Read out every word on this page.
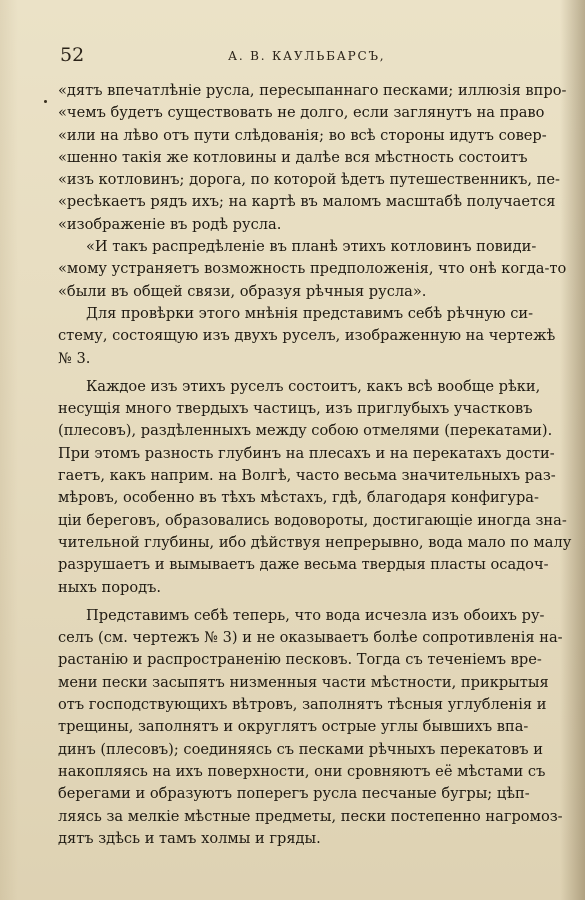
52	А. В. КАУЛЬБАРСЪ,
«дятъ впечатлѣніе русла, пересыпаннаго песками; иллюзія впро-
«чемъ будетъ существовать не долго, если заглянутъ на право
«или на лѣво отъ пути слѣдованія; во всѣ стороны идутъ совер-
«шенно такія же котловины и далѣе вся мѣстность состоитъ
«изъ котловинъ; дорога, по которой ѣдетъ путешественникъ, пе-
«ресѣкаетъ рядъ ихъ; на картѣ въ маломъ масштабѣ получается
«изображеніе въ родѣ русла.
«И такъ распредѣленіе въ планѣ этихъ котловинъ повиди-
«мому устраняетъ возможность предположенія, что онѣ когда-то
«были въ общей связи, образуя рѣчныя русла».
Для провѣрки этого мнѣнія представимъ себѣ рѣчную си-
стему, состоящую изъ двухъ руселъ, изображенную на чертежѣ
№ 3.
Каждое изъ этихъ руселъ состоитъ, какъ всѣ вообще рѣки,
несущія много твердыхъ частицъ, изъ приглубыхъ участковъ
(плесовъ), раздѣленныхъ между собою отмелями (перекатами).
При этомъ разность глубинъ на плесахъ и на перекатахъ дости-
гаетъ, какъ наприм. на Волгѣ, часто весьма значительныхъ раз-
мѣровъ, особенно въ тѣхъ мѣстахъ, гдѣ, благодаря конфигура-
ціи береговъ, образовались водовороты, достигающіе иногда зна-
чительной глубины, ибо дѣйствуя непрерывно, вода мало по малу
разрушаетъ и вымываетъ даже весьма твердыя пласты осадоч-
ныхъ породъ.
Представимъ себѣ теперь, что вода исчезла изъ обоихъ ру-
селъ (см. чертежъ № 3) и не оказываетъ болѣе сопротивленія на-
растанію и распространенію песковъ. Тогда съ теченіемъ вре-
мени пески засыпятъ низменныя части мѣстности, прикрытыя
отъ господствующихъ вѣтровъ, заполнятъ тѣсныя углубленія и
трещины, заполнятъ и округлятъ острые углы бывшихъ впа-
динъ (плесовъ); соединяясь съ песками рѣчныхъ перекатовъ и
накопляясь на ихъ поверхности, они сровняютъ её мѣстами съ
берегами и образуютъ поперегъ русла песчаные бугры; цѣп-
ляясь за мелкіе мѣстные предметы, пески постепенно нагромоз-
дятъ здѣсь и тамъ холмы и гряды.
